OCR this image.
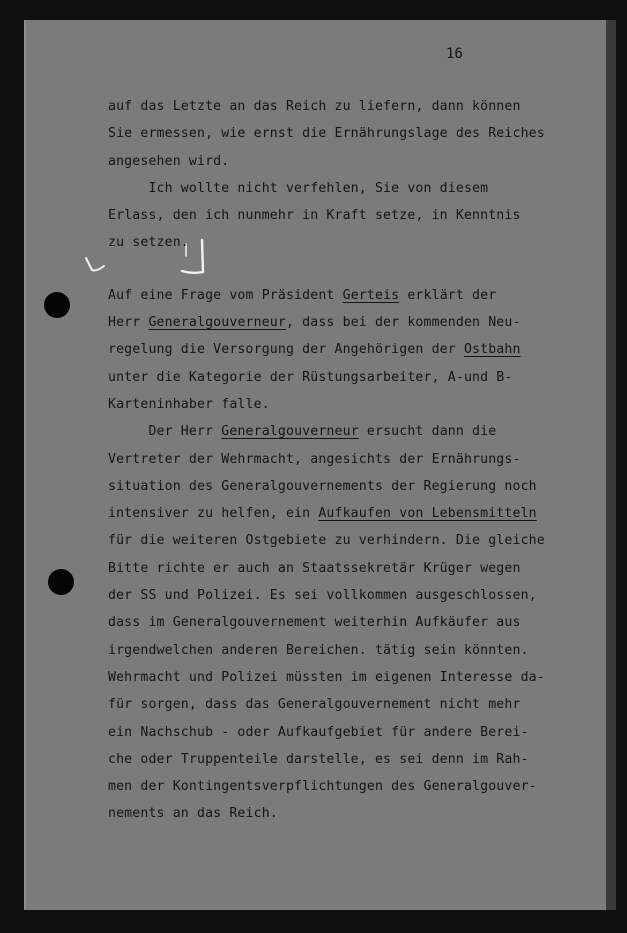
16
auf das Letzte an das Reich zu liefern, dann können
Sie ermessen, wie ernst die Ernährungslage des Reiches
angesehen wird.
Ich wollte nicht verfehlen, Sie von diesem
Erlass, den ich nunmehr in Kraft setze, in Kenntnis
zu setzen.
Auf eine Frage vom Präsident Gerteis erklärt der
Herr Generalgouverneur, dass bei der kommenden Neu-
regelung die Versorgung der Angehörigen der Ostbahn
unter die Kategorie der Rüstungsarbeiter, A-und B-
Karteninhaber falle.
Der Herr Generalgouverneur ersucht dann die
Vertreter der Wehrmacht, angesichts der Ernährungs-
situation des Generalgouvernements der Regierung noch
intensiver zu helfen, ein Aufkaufen von Lebensmitteln
für die weiteren Ostgebiete zu verhindern. Die gleiche
Bitte richte er auch an Staatssekretär Krüger wegen
der SS und Polizei. Es sei vollkommen ausgeschlossen,
dass im Generalgouvernement weiterhin Aufkäufer aus
irgendwelchen anderen Bereichen. tätig sein könnten.
Wehrmacht und Polizei müssten im eigenen Interesse da-
für sorgen, dass das Generalgouvernement nicht mehr
ein Nachschub - oder Aufkaufgebiet für andere Berei-
che oder Truppenteile darstelle, es sei denn im Rah-
men der Kontingentsverpflichtungen des Generalgouver-
nements an das Reich.
